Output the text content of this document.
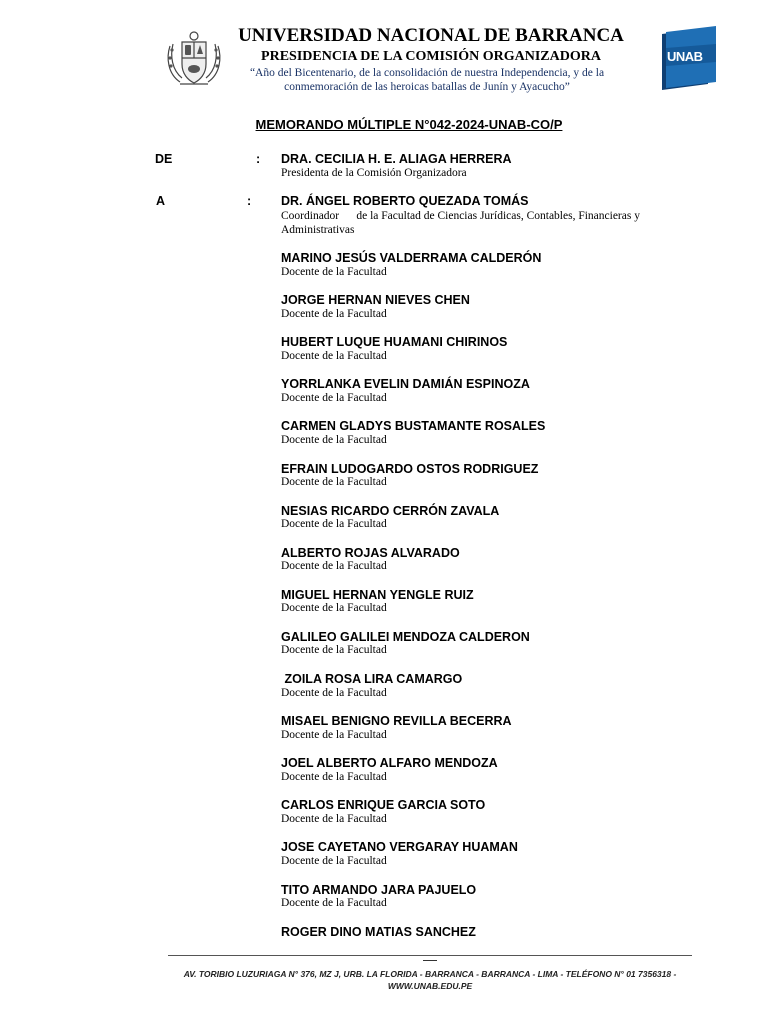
UNAB
UNIVERSIDAD NACIONAL DE BARRANCA
PRESIDENCIA DE LA COMISIÓN ORGANIZADORA
“Año del Bicentenario, de la consolidación de nuestra Independencia, y de la
conmemoración de las heroicas batallas de Junín y Ayacucho”
MEMORANDO MÚLTIPLE N°042-2024-UNAB-CO/P
DE	: DRA. CECILIA H. E. ALIAGA HERRERA
Presidenta de la Comisión Organizadora
A	: DR. ÁNGEL ROBERTO QUEZADA TOMÁS
Coordinador      de la Facultad de Ciencias Jurídicas, Contables, Financieras y
Administrativas
MARINO JESÚS VALDERRAMA CALDERÓN
Docente de la Facultad
JORGE HERNAN NIEVES CHEN
Docente de la Facultad
HUBERT LUQUE HUAMANI CHIRINOS
Docente de la Facultad
YORRLANKA EVELIN DAMIÁN ESPINOZA
Docente de la Facultad
CARMEN GLADYS BUSTAMANTE ROSALES
Docente de la Facultad
EFRAIN LUDOGARDO OSTOS RODRIGUEZ
Docente de la Facultad
NESIAS RICARDO CERRÓN ZAVALA
Docente de la Facultad
ALBERTO ROJAS ALVARADO
Docente de la Facultad
MIGUEL HERNAN YENGLE RUIZ
Docente de la Facultad
GALILEO GALILEI MENDOZA CALDERON
Docente de la Facultad
ZOILA ROSA LIRA CAMARGO
Docente de la Facultad
MISAEL BENIGNO REVILLA BECERRA
Docente de la Facultad
JOEL ALBERTO ALFARO MENDOZA
Docente de la Facultad
CARLOS ENRIQUE GARCIA SOTO
Docente de la Facultad
JOSE CAYETANO VERGARAY HUAMAN
Docente de la Facultad
TITO ARMANDO JARA PAJUELO
Docente de la Facultad
ROGER DINO MATIAS SANCHEZ
AV. TORIBIO LUZURIAGA N° 376, MZ J, URB. LA FLORIDA - BARRANCA - BARRANCA - LIMA - TELÉFONO N° 01 7356318 -
WWW.UNAB.EDU.PE
